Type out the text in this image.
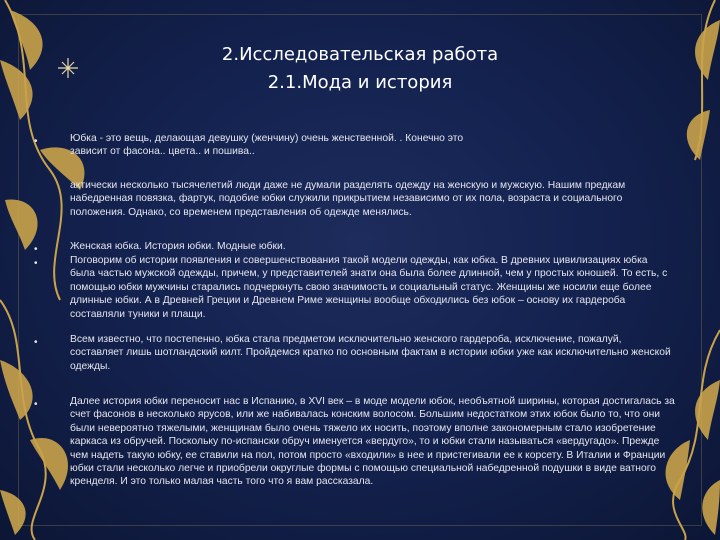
2.Исследовательская работа
2.1.Мода и история
•
•
•
•
•

Юбка - это вещь, делающая девушку (женчину) очень женственной. . Конечно это зависит от фасона.. цвета.. и пошива..

актически несколько тысячелетий люди даже не думали разделять одежду на женскую и мужскую. Нашим предкам набедренная повязка, фартук, подобие юбки служили прикрытием независимо от их пола, возраста и социального положения. Однако, со временем представления об одежде менялись.

Женская юбка. История юбки. Модные юбки.

Поговорим об истории появления и совершенствования такой модели одежды, как юбка. В древних цивилизациях юбка была частью мужской одежды, причем, у представителей знати она была более длинной, чем у простых юношей. То есть, с помощью юбки мужчины старались подчеркнуть свою значимость и социальный статус. Женщины же носили еще более длинные юбки. А в Древней Греции и Древнем Риме женщины вообще обходились без юбок – основу их гардероба составляли туники и плащи.

Всем известно, что постепенно, юбка стала предметом исключительно женского гардероба, исключение, пожалуй, составляет лишь шотландский килт. Пройдемся кратко по основным фактам в истории юбки уже как исключительно женской одежды.

Далее история юбки переносит нас в Испанию, в XVI век – в моде модели юбок, необъятной ширины, которая достигалась за счет фасонов в несколько ярусов, или же набивалась конским волосом. Большим недостатком этих юбок было то, что они были невероятно тяжелыми, женщинам было очень тяжело их носить, поэтому вполне закономерным стало изобретение каркаса из обручей. Поскольку по-испански обруч именуется «вердуго», то и юбки стали называться «вердугадо». Прежде чем надеть такую юбку, ее ставили на пол, потом просто «входили» в нее и пристегивали ее к корсету. В Италии и Франции юбки стали несколько легче и приобрели округлые формы с помощью специальной набедренной подушки в виде ватного кренделя. И это только малая часть того что я вам рассказала.
